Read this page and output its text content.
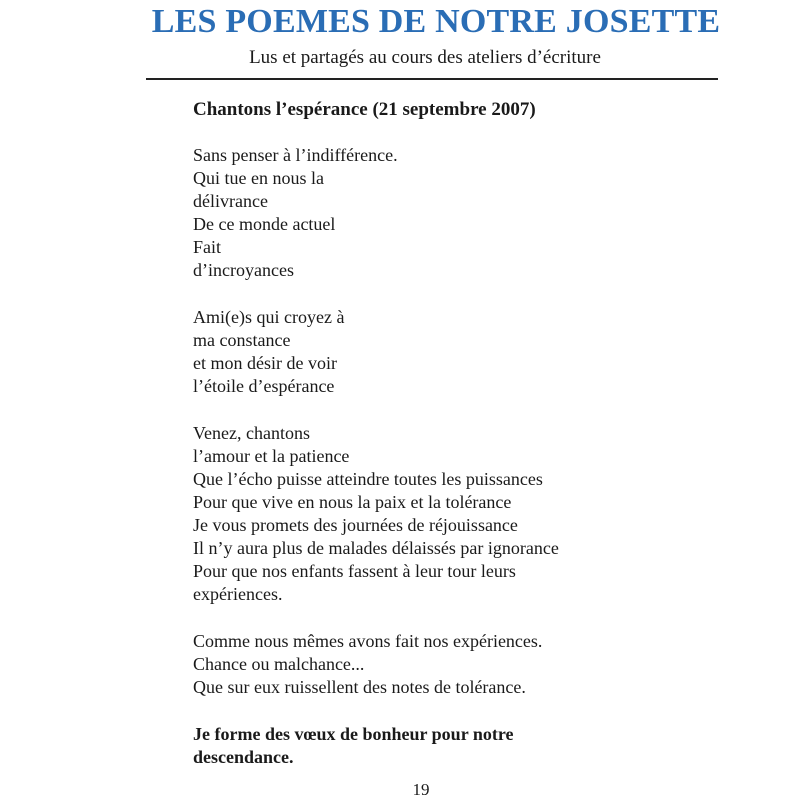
LES POEMES DE NOTRE JOSETTE

Lus et partagés au cours des ateliers d’écriture

Chantons l’espérance (21 septembre 2007)

Sans penser à l’indifférence.
Qui tue en nous la
délivrance
De ce monde actuel
Fait
d’incroyances
Ami(e)s qui croyez à
ma constance
et mon désir de voir
l’étoile d’espérance
Venez, chantons
l’amour et la patience
Que l’écho puisse atteindre toutes les puissances
Pour que vive en nous la paix et la tolérance
Je vous promets des journées de réjouissance
Il n’y aura plus de malades délaissés par ignorance
Pour que nos enfants fassent à leur tour leurs
expériences.
Comme nous mêmes avons fait nos expériences.
Chance ou malchance...
Que sur eux ruissellent des notes de tolérance.
Je forme des vœux de bonheur pour notre
descendance.
19
